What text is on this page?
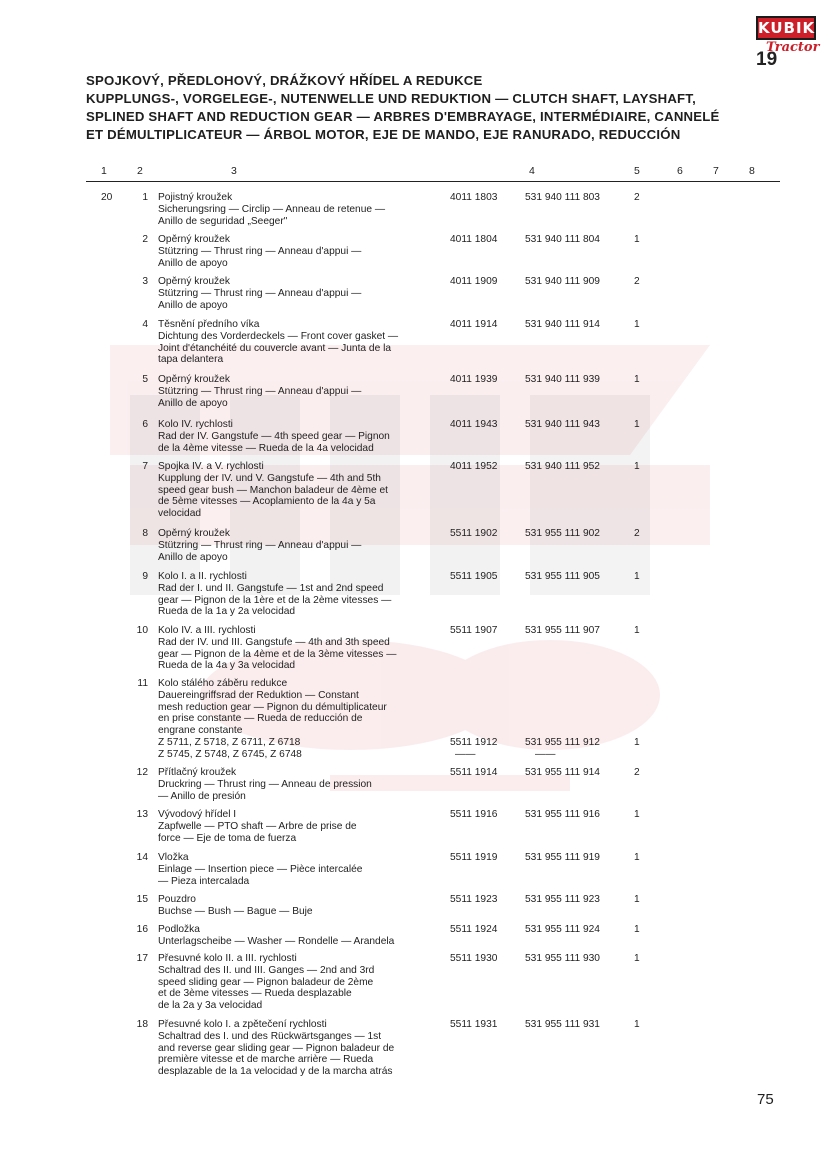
KUBIK
Tractor
19
SPOJKOVÝ, PŘEDLOHOVÝ, DRÁŽKOVÝ HŘÍDEL A REDUKCE
KUPPLUNGS-, VORGELEGE-, NUTENWELLE UND REDUKTION — CLUTCH SHAFT, LAYSHAFT,
SPLINED SHAFT AND REDUCTION GEAR — ARBRES D'EMBRAYAGE, INTERMÉDIAIRE, CANNELÉ
ET DÉMULTIPLICATEUR — ÁRBOL MOTOR, EJE DE MANDO, EJE RANURADO, REDUCCIÓN
1	2	3	4	5	6	7	8
20	1 Pojistný kroužek
Sicherungsring — Circlip — Anneau de retenue —
Anillo de seguridad „Seeger"
4011 1803	531 940 111 803	2
2 Opěrný kroužek
Stützring — Thrust ring — Anneau d'appui —
Anillo de apoyo
4011 1804	531 940 111 804	1
3 Opěrný kroužek
Stützring — Thrust ring — Anneau d'appui —
Anillo de apoyo
4011 1909	531 940 111 909	2
4 Těsnění předního víka
Dichtung des Vorderdeckels — Front cover gasket —
Joint d'étanchéité du couvercle avant — Junta de la
tapa delantera
4011 1914	531 940 111 914	1
5 Opěrný kroužek
Stützring — Thrust ring — Anneau d'appui —
Anillo de apoyo
4011 1939	531 940 111 939	1
6 Kolo IV. rychlosti
Rad der IV. Gangstufe — 4th speed gear — Pignon
de la 4ème vitesse — Rueda de la 4a velocidad
4011 1943	531 940 111 943	1
7 Spojka IV. a V. rychlosti
Kupplung der IV. und V. Gangstufe — 4th and 5th
speed gear bush — Manchon baladeur de 4ème et
de 5ème vitesses — Acoplamiento de la 4a y 5a
velocidad
4011 1952	531 940 111 952	1
8 Opěrný kroužek
Stützring — Thrust ring — Anneau d'appui —
Anillo de apoyo
5511 1902	531 955 111 902	2
9 Kolo I. a II. rychlosti
Rad der I. und II. Gangstufe — 1st and 2nd speed
gear — Pignon de la 1ère et de la 2ème vitesses —
Rueda de la 1a y 2a velocidad
5511 1905	531 955 111 905	1
10 Kolo IV. a III. rychlosti
Rad der IV. und III. Gangstufe — 4th and 3th speed
gear — Pignon de la 4ème et de la 3ème vitesses —
Rueda de la 4a y 3a velocidad
5511 1907	531 955 111 907	1
11 Kolo stálého záběru redukce
Dauereingriffsrad der Reduktion — Constant
mesh reduction gear — Pignon du démultiplicateur
en prise constante — Rueda de reducción de
engrane constante
Z 5711, Z 5718, Z 6711, Z 6718
Z 5745, Z 5748, Z 6745, Z 6748
5511 1912	531 955 111 912	1
——	——
12 Přítlačný kroužek
Druckring — Thrust ring — Anneau de pression
— Anillo de presión
5511 1914	531 955 111 914	2
13 Vývodový hřídel I
Zapfwelle — PTO shaft — Arbre de prise de
force — Eje de toma de fuerza
5511 1916	531 955 111 916	1
14 Vložka
Einlage — Insertion piece — Pièce intercalée
— Pieza intercalada
5511 1919	531 955 111 919	1
15 Pouzdro
Buchse — Bush — Bague — Buje
5511 1923	531 955 111 923	1
16 Podložka
Unterlagscheibe — Washer — Rondelle — Arandela
5511 1924	531 955 111 924	1
17 Přesuvné kolo II. a III. rychlosti
Schaltrad des II. und III. Ganges — 2nd and 3rd
speed sliding gear — Pignon baladeur de 2ème
et de 3ème vitesses — Rueda desplazable
de la 2a y 3a velocidad
5511 1930	531 955 111 930	1
18 Přesuvné kolo I. a zpětečení rychlosti
Schaltrad des I. und des Rückwärtsganges — 1st
and reverse gear sliding gear — Pignon baladeur de
première vitesse et de marche arrière — Rueda
desplazable de la 1a velocidad y de la marcha atrás
5511 1931	531 955 111 931	1
75
